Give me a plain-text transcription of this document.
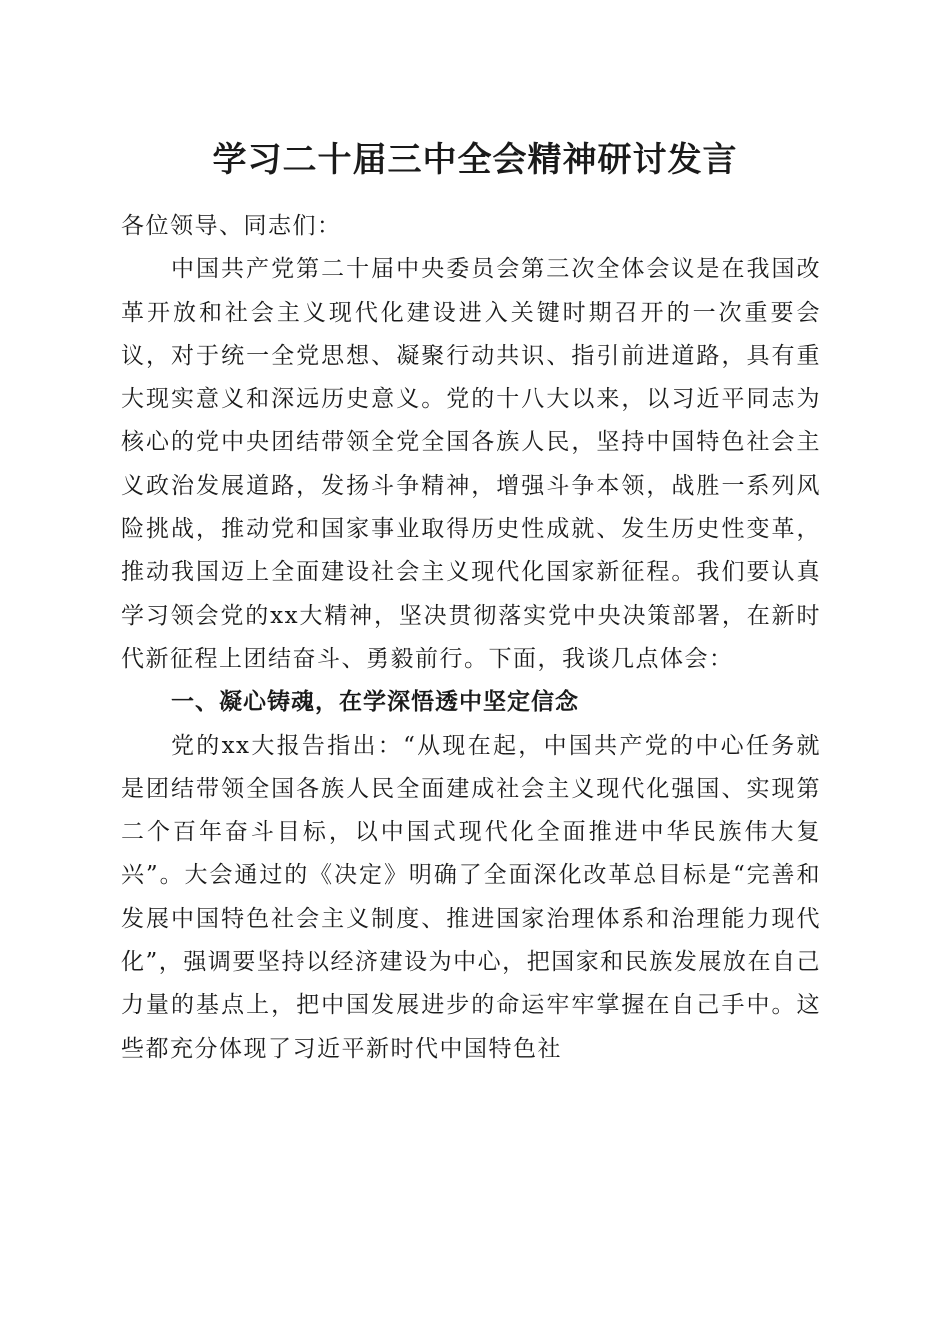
学习二十届三中全会精神研讨发言

各位领导、同志们：

中国共产党第二十届中央委员会第三次全体会议是在我国改革开放和社会主义现代化建设进入关键时期召开的一次重要会议，对于统一全党思想、凝聚行动共识、指引前进道路，具有重大现实意义和深远历史意义。党的十八大以来，以习近平同志为核心的党中央团结带领全党全国各族人民，坚持中国特色社会主义政治发展道路，发扬斗争精神，增强斗争本领，战胜一系列风险挑战，推动党和国家事业取得历史性成就、发生历史性变革，推动我国迈上全面建设社会主义现代化国家新征程。我们要认真学习领会党的xx大精神，坚决贯彻落实党中央决策部署，在新时代新征程上团结奋斗、勇毅前行。下面，我谈几点体会：

一、凝心铸魂，在学深悟透中坚定信念

党的xx大报告指出：“从现在起，中国共产党的中心任务就是团结带领全国各族人民全面建成社会主义现代化强国、实现第二个百年奋斗目标，以中国式现代化全面推进中华民族伟大复兴”。大会通过的《决定》明确了全面深化改革总目标是“完善和发展中国特色社会主义制度、推进国家治理体系和治理能力现代化”，强调要坚持以经济建设为中心，把国家和民族发展放在自己力量的基点上，把中国发展进步的命运牢牢掌握在自己手中。这些都充分体现了习近平新时代中国特色社
